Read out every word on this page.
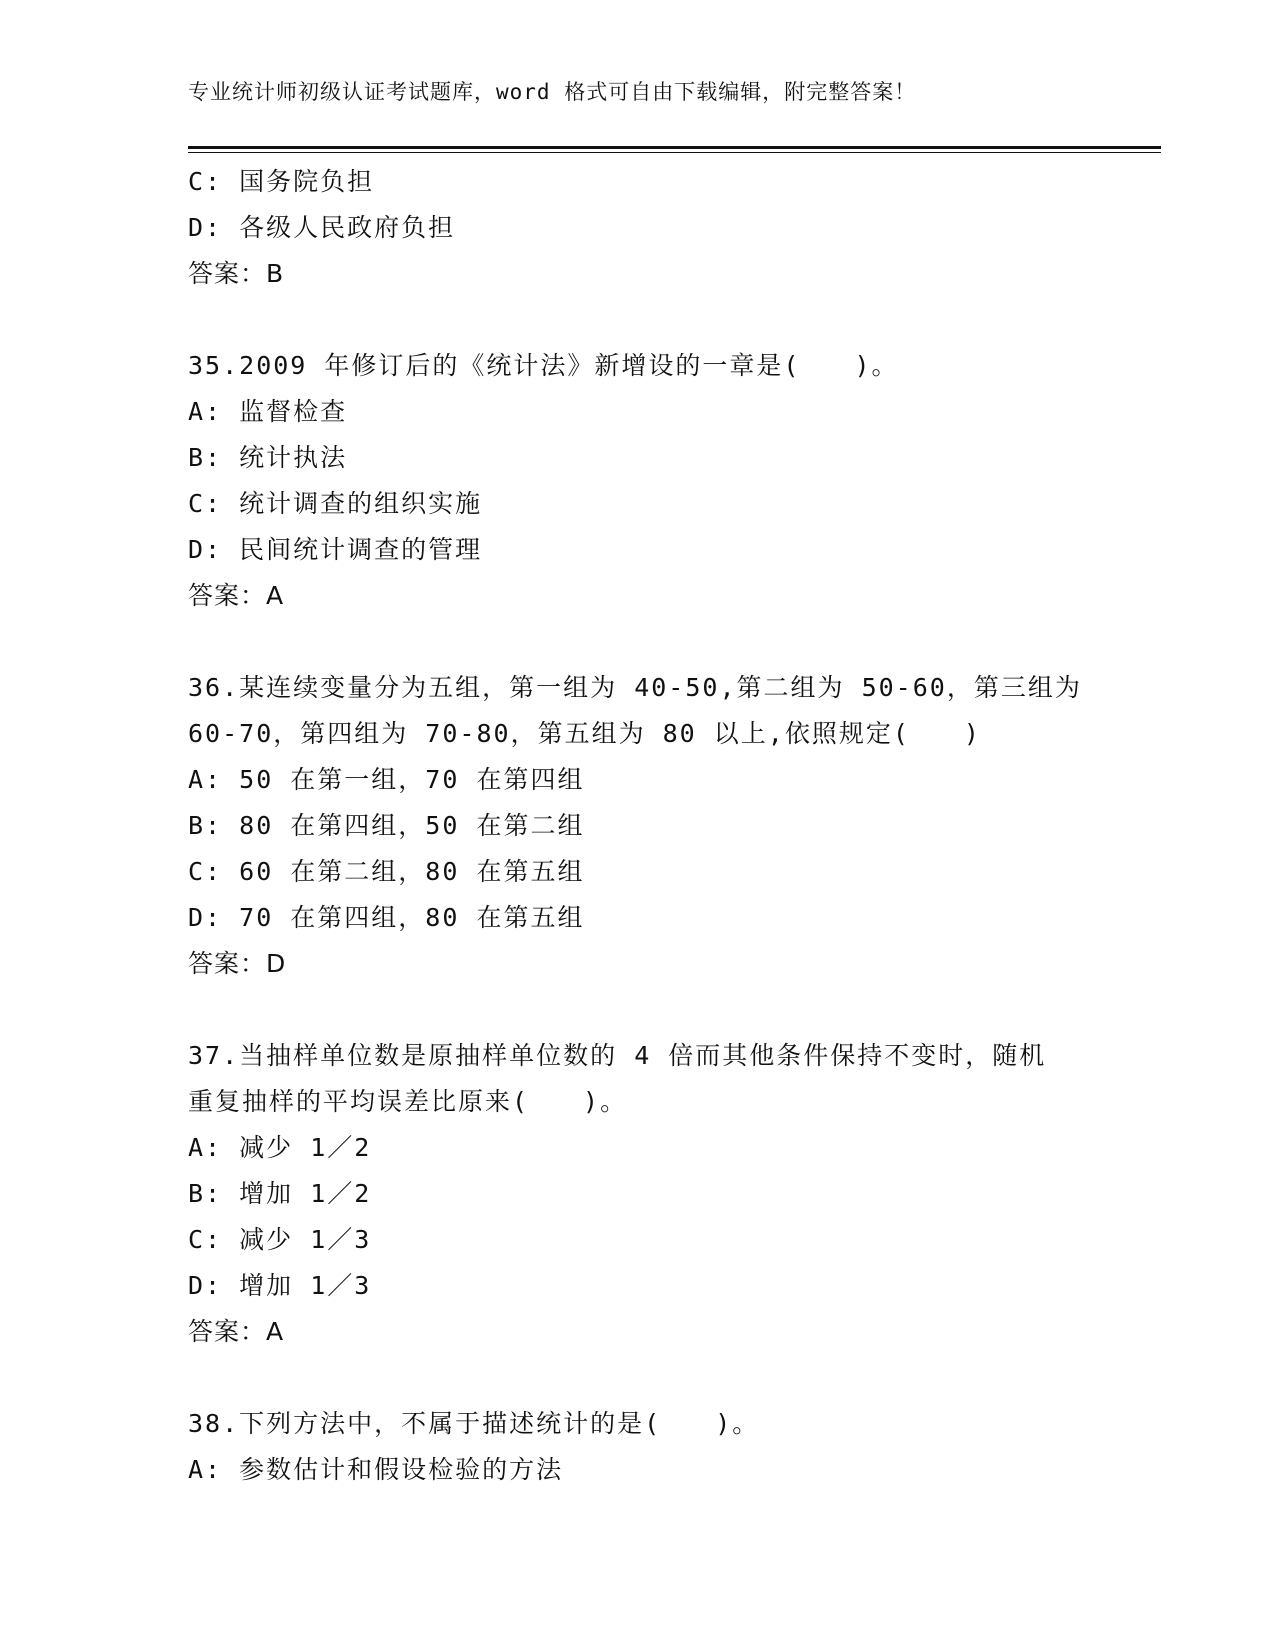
专业统计师初级认证考试题库，word 格式可自由下载编辑，附完整答案！
C: 国务院负担
D: 各级人民政府负担
答案：B
35.2009 年修订后的《统计法》新增设的一章是(　　)。
A: 监督检查
B: 统计执法
C: 统计调查的组织实施
D: 民间统计调查的管理
答案：A
36.某连续变量分为五组，第一组为 40-50,第二组为 50-60，第三组为
60-70，第四组为 70-80，第五组为 80 以上,依照规定(　　)
A: 50 在第一组，70 在第四组
B: 80 在第四组，50 在第二组
C: 60 在第二组，80 在第五组
D: 70 在第四组，80 在第五组
答案：D
37.当抽样单位数是原抽样单位数的 4 倍而其他条件保持不变时，随机
重复抽样的平均误差比原来(　　)。
A: 减少 1／2
B: 增加 1／2
C: 减少 1／3
D: 增加 1／3
答案：A
38.下列方法中，不属于描述统计的是(　　)。
A: 参数估计和假设检验的方法
